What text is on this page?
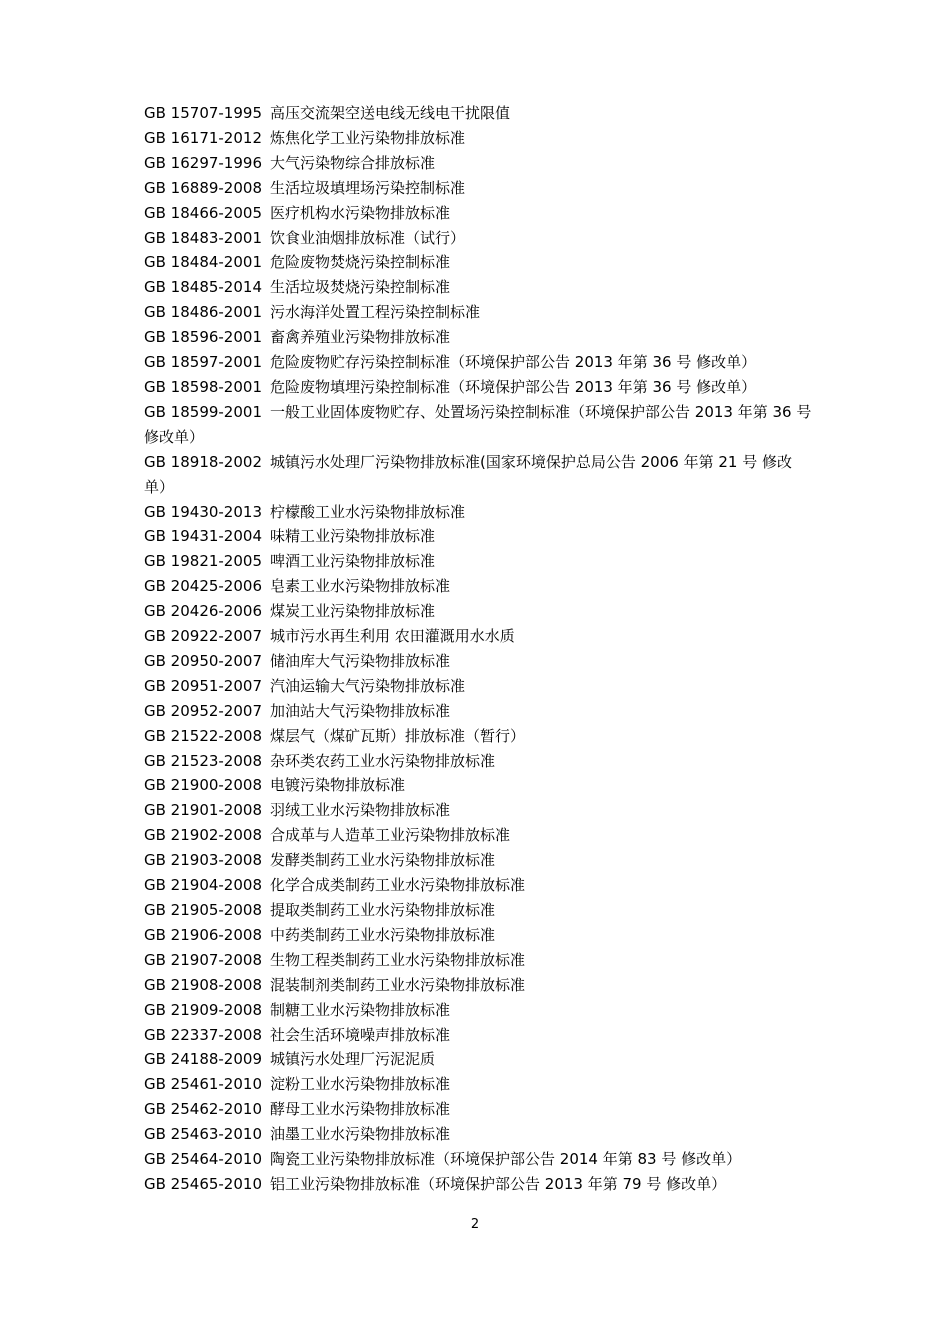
GB 15707-1995 高压交流架空送电线无线电干扰限值
GB 16171-2012 炼焦化学工业污染物排放标准
GB 16297-1996 大气污染物综合排放标准
GB 16889-2008 生活垃圾填埋场污染控制标准
GB 18466-2005 医疗机构水污染物排放标准
GB 18483-2001 饮食业油烟排放标准（试行）
GB 18484-2001 危险废物焚烧污染控制标准
GB 18485-2014 生活垃圾焚烧污染控制标准
GB 18486-2001 污水海洋处置工程污染控制标准
GB 18596-2001 畜禽养殖业污染物排放标准
GB 18597-2001 危险废物贮存污染控制标准（环境保护部公告 2013 年第 36 号 修改单）
GB 18598-2001 危险废物填埋污染控制标准（环境保护部公告 2013 年第 36 号 修改单）
GB 18599-2001 一般工业固体废物贮存、处置场污染控制标准（环境保护部公告 2013 年第 36 号 修改单）
GB 18918-2002 城镇污水处理厂污染物排放标准(国家环境保护总局公告 2006 年第 21 号 修改单）
GB 19430-2013 柠檬酸工业水污染物排放标准
GB 19431-2004 味精工业污染物排放标准
GB 19821-2005 啤酒工业污染物排放标准
GB 20425-2006 皂素工业水污染物排放标准
GB 20426-2006 煤炭工业污染物排放标准
GB 20922-2007 城市污水再生利用 农田灌溉用水水质
GB 20950-2007 储油库大气污染物排放标准
GB 20951-2007 汽油运输大气污染物排放标准
GB 20952-2007 加油站大气污染物排放标准
GB 21522-2008 煤层气（煤矿瓦斯）排放标准（暂行）
GB 21523-2008 杂环类农药工业水污染物排放标准
GB 21900-2008 电镀污染物排放标准
GB 21901-2008 羽绒工业水污染物排放标准
GB 21902-2008 合成革与人造革工业污染物排放标准
GB 21903-2008 发酵类制药工业水污染物排放标准
GB 21904-2008 化学合成类制药工业水污染物排放标准
GB 21905-2008 提取类制药工业水污染物排放标准
GB 21906-2008 中药类制药工业水污染物排放标准
GB 21907-2008 生物工程类制药工业水污染物排放标准
GB 21908-2008 混装制剂类制药工业水污染物排放标准
GB 21909-2008 制糖工业水污染物排放标准
GB 22337-2008 社会生活环境噪声排放标准
GB 24188-2009 城镇污水处理厂污泥泥质
GB 25461-2010 淀粉工业水污染物排放标准
GB 25462-2010 酵母工业水污染物排放标准
GB 25463-2010 油墨工业水污染物排放标准
GB 25464-2010 陶瓷工业污染物排放标准（环境保护部公告 2014 年第 83 号 修改单）
GB 25465-2010 铝工业污染物排放标准（环境保护部公告 2013 年第 79 号 修改单）
2
